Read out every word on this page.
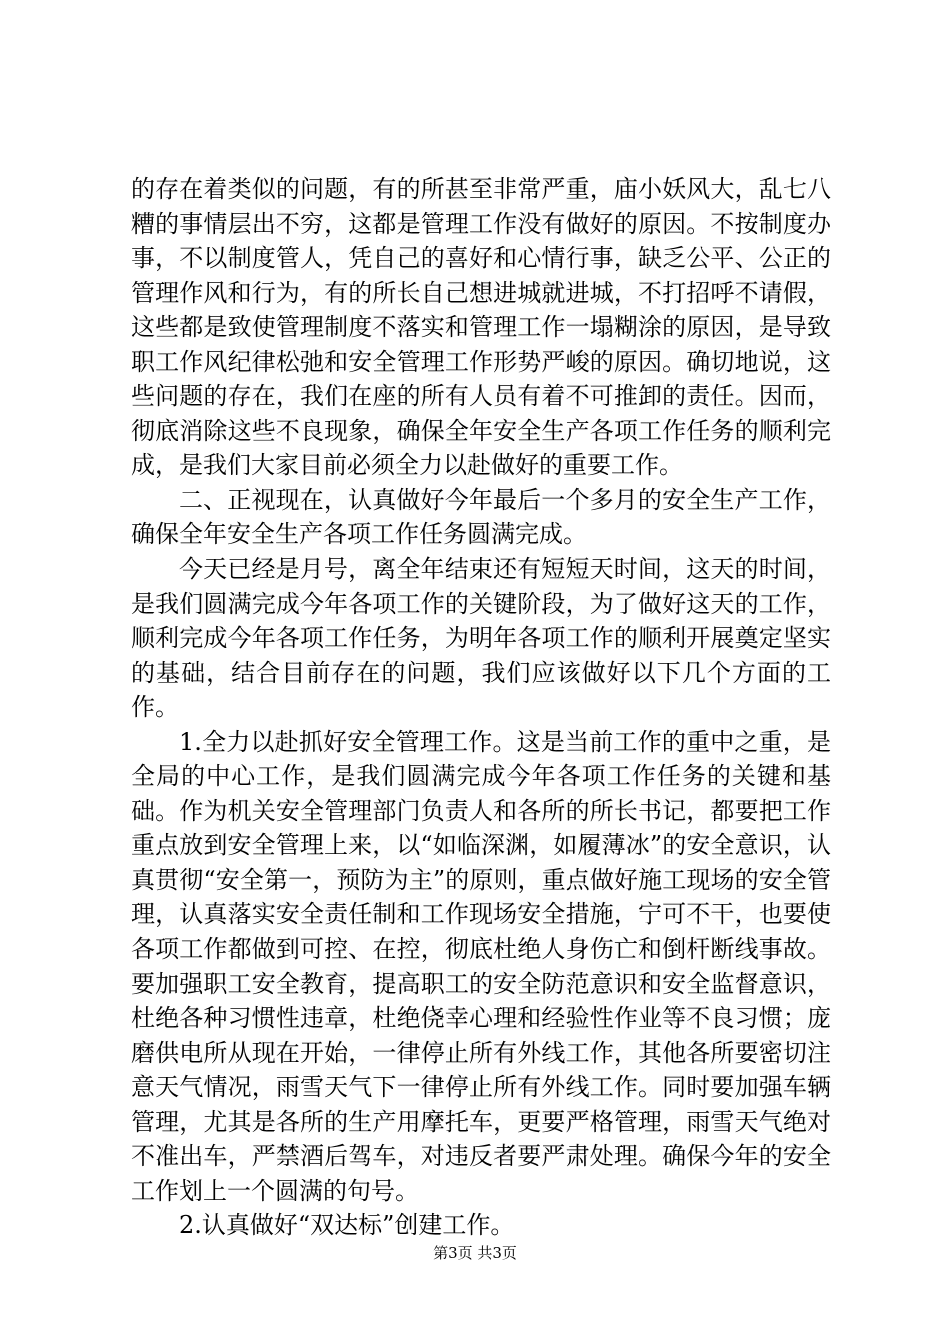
的存在着类似的问题，有的所甚至非常严重，庙小妖风大，乱七八糟的事情层出不穷，这都是管理工作没有做好的原因。不按制度办事，不以制度管人，凭自己的喜好和心情行事，缺乏公平、公正的管理作风和行为，有的所长自己想进城就进城，不打招呼不请假，这些都是致使管理制度不落实和管理工作一塌糊涂的原因，是导致职工作风纪律松弛和安全管理工作形势严峻的原因。确切地说，这些问题的存在，我们在座的所有人员有着不可推卸的责任。因而，彻底消除这些不良现象，确保全年安全生产各项工作任务的顺利完成，是我们大家目前必须全力以赴做好的重要工作。

二、正视现在，认真做好今年最后一个多月的安全生产工作，确保全年安全生产各项工作任务圆满完成。

今天已经是月号，离全年结束还有短短天时间，这天的时间，是我们圆满完成今年各项工作的关键阶段，为了做好这天的工作，顺利完成今年各项工作任务，为明年各项工作的顺利开展奠定坚实的基础，结合目前存在的问题，我们应该做好以下几个方面的工作。

1.全力以赴抓好安全管理工作。这是当前工作的重中之重，是全局的中心工作，是我们圆满完成今年各项工作任务的关键和基础。作为机关安全管理部门负责人和各所的所长书记，都要把工作重点放到安全管理上来，以“如临深渊，如履薄冰”的安全意识，认真贯彻“安全第一，预防为主”的原则，重点做好施工现场的安全管理，认真落实安全责任制和工作现场安全措施，宁可不干，也要使各项工作都做到可控、在控，彻底杜绝人身伤亡和倒杆断线事故。要加强职工安全教育，提高职工的安全防范意识和安全监督意识，杜绝各种习惯性违章，杜绝侥幸心理和经验性作业等不良习惯；庞磨供电所从现在开始，一律停止所有外线工作，其他各所要密切注意天气情况，雨雪天气下一律停止所有外线工作。同时要加强车辆管理，尤其是各所的生产用摩托车，更要严格管理，雨雪天气绝对不准出车，严禁酒后驾车，对违反者要严肃处理。确保今年的安全工作划上一个圆满的句号。

2.认真做好“双达标”创建工作。

第3页 共3页
